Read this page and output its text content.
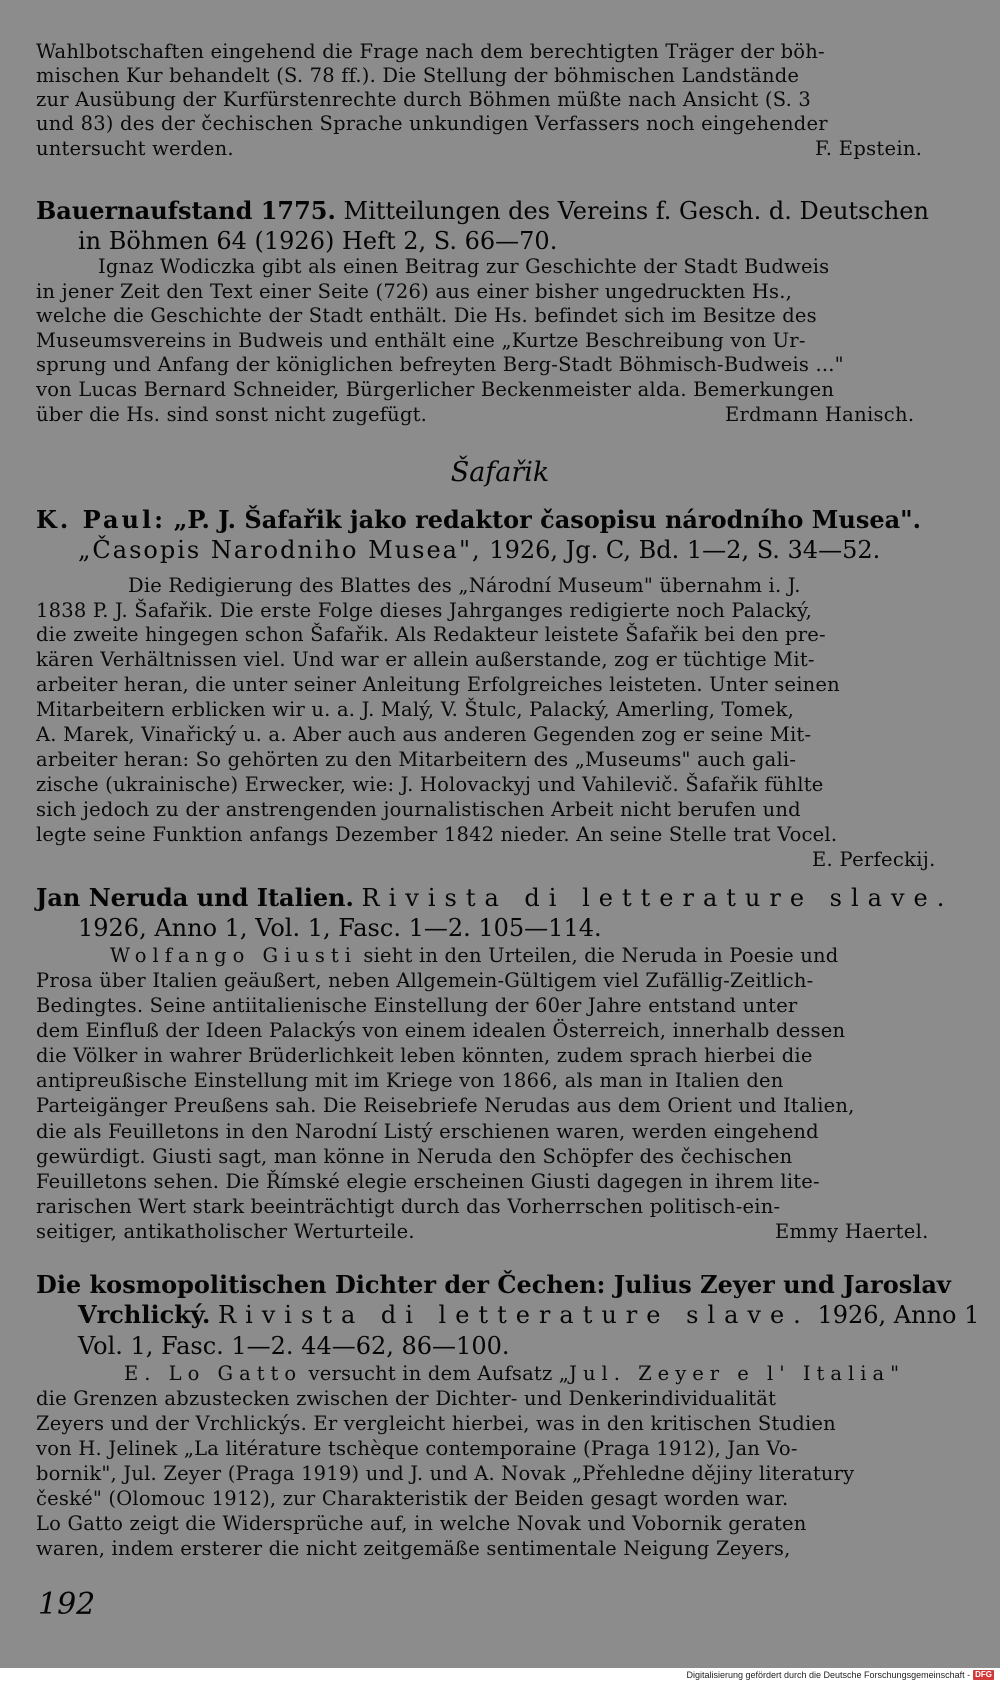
Wahlbotschaften eingehend die Frage nach dem berechtigten Träger der böh-
mischen Kur behandelt (S. 78 ff.). Die Stellung der böhmischen Landstände
zur Ausübung der Kurfürstenrechte durch Böhmen müßte nach Ansicht (S. 3
und 83) des der čechischen Sprache unkundigen Verfassers noch eingehender
untersucht werden.	F. Epstein.
Bauernaufstand 1775. Mitteilungen des Vereins f. Gesch. d. Deutschen
in Böhmen 64 (1926) Heft 2, S. 66—70.
Ignaz Wodiczka gibt als einen Beitrag zur Geschichte der Stadt Budweis
in jener Zeit den Text einer Seite (726) aus einer bisher ungedruckten Hs.,
welche die Geschichte der Stadt enthält. Die Hs. befindet sich im Besitze des
Museumsvereins in Budweis und enthält eine „Kurtze Beschreibung von Ur-
sprung und Anfang der königlichen befreyten Berg-Stadt Böhmisch-Budweis ..."
von Lucas Bernard Schneider, Bürgerlicher Beckenmeister alda. Bemerkungen
über die Hs. sind sonst nicht zugefügt.	Erdmann Hanisch.
Šafařik
K. Paul: „P. J. Šafařik jako redaktor časopisu národního Musea".
„Časopis Narodniho Musea", 1926, Jg. C, Bd. 1—2, S. 34—52.
Die Redigierung des Blattes des „Národní Museum" übernahm i. J.
1838 P. J. Šafařik. Die erste Folge dieses Jahrganges redigierte noch Palacký,
die zweite hingegen schon Šafařik. Als Redakteur leistete Šafařik bei den pre-
kären Verhältnissen viel. Und war er allein außerstande, zog er tüchtige Mit-
arbeiter heran, die unter seiner Anleitung Erfolgreiches leisteten. Unter seinen
Mitarbeitern erblicken wir u. a. J. Malý, V. Štulc, Palacký, Amerling, Tomek,
A. Marek, Vinařický u. a. Aber auch aus anderen Gegenden zog er seine Mit-
arbeiter heran: So gehörten zu den Mitarbeitern des „Museums" auch gali-
zische (ukrainische) Erwecker, wie: J. Holovackyj und Vahilevič. Šafařik fühlte
sich jedoch zu der anstrengenden journalistischen Arbeit nicht berufen und
legte seine Funktion anfangs Dezember 1842 nieder. An seine Stelle trat Vocel.
E. Perfeckij.
Jan Neruda und Italien. Rivista di letterature slave.
1926, Anno 1, Vol. 1, Fasc. 1—2. 105—114.
Wolfango Giusti sieht in den Urteilen, die Neruda in Poesie und
Prosa über Italien geäußert, neben Allgemein-Gültigem viel Zufällig-Zeitlich-
Bedingtes. Seine antiitalienische Einstellung der 60er Jahre entstand unter
dem Einfluß der Ideen Palackýs von einem idealen Österreich, innerhalb dessen
die Völker in wahrer Brüderlichkeit leben könnten, zudem sprach hierbei die
antipreußische Einstellung mit im Kriege von 1866, als man in Italien den
Parteigänger Preußens sah. Die Reisebriefe Nerudas aus dem Orient und Italien,
die als Feuilletons in den Narodní Listý erschienen waren, werden eingehend
gewürdigt. Giusti sagt, man könne in Neruda den Schöpfer des čechischen
Feuilletons sehen. Die Římské elegie erscheinen Giusti dagegen in ihrem lite-
rarischen Wert stark beeinträchtigt durch das Vorherrschen politisch-ein-
seitiger, antikatholischer Werturteile.	Emmy Haertel.
Die kosmopolitischen Dichter der Čechen: Julius Zeyer und Jaroslav
Vrchlický. Rivista di letterature slave. 1926, Anno 1
Vol. 1, Fasc. 1—2. 44—62, 86—100.
E. Lo Gatto versucht in dem Aufsatz „Jul. Zeyer e l' Italia"
die Grenzen abzustecken zwischen der Dichter- und Denkerindividualität
Zeyers und der Vrchlickýs. Er vergleicht hierbei, was in den kritischen Studien
von H. Jelinek „La litérature tschèque contemporaine (Praga 1912), Jan Vo-
bornik", Jul. Zeyer (Praga 1919) und J. und A. Novak „Přehledne dějiny literatury
české" (Olomouc 1912), zur Charakteristik der Beiden gesagt worden war.
Lo Gatto zeigt die Widersprüche auf, in welche Novak und Vobornik geraten
waren, indem ersterer die nicht zeitgemäße sentimentale Neigung Zeyers,
192
Digitalisierung gefördert durch die Deutsche Forschungsgemeinschaft - DFG
